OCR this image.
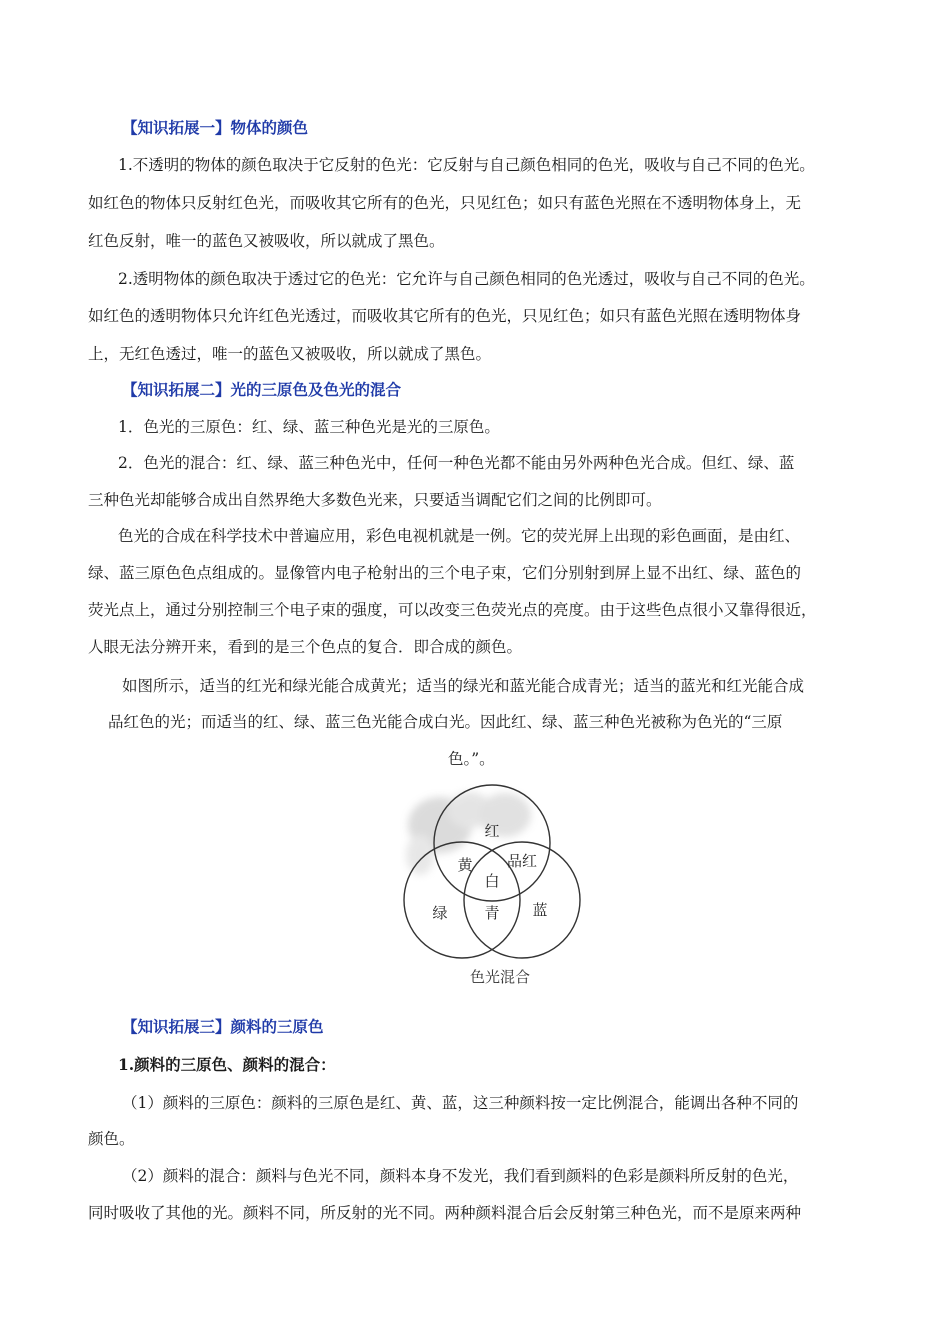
【知识拓展一】物体的颜色
1.不透明的物体的颜色取决于它反射的色光：它反射与自己颜色相同的色光，吸收与自己不同的色光。
如红色的物体只反射红色光，而吸收其它所有的色光，只见红色；如只有蓝色光照在不透明物体身上，无
红色反射，唯一的蓝色又被吸收，所以就成了黑色。
2.透明物体的颜色取决于透过它的色光：它允许与自己颜色相同的色光透过，吸收与自己不同的色光。
如红色的透明物体只允许红色光透过，而吸收其它所有的色光，只见红色；如只有蓝色光照在透明物体身
上，无红色透过，唯一的蓝色又被吸收，所以就成了黑色。
【知识拓展二】光的三原色及色光的混合
1．色光的三原色：红、绿、蓝三种色光是光的三原色。
2．色光的混合：红、绿、蓝三种色光中，任何一种色光都不能由另外两种色光合成。但红、绿、蓝
三种色光却能够合成出自然界绝大多数色光来，只要适当调配它们之间的比例即可。
色光的合成在科学技术中普遍应用，彩色电视机就是一例。它的荧光屏上出现的彩色画面，是由红、
绿、蓝三原色色点组成的。显像管内电子枪射出的三个电子束，它们分别射到屏上显不出红、绿、蓝色的
荧光点上，通过分别控制三个电子束的强度，可以改变三色荧光点的亮度。由于这些色点很小又靠得很近，
人眼无法分辨开来，看到的是三个色点的复合．即合成的颜色。
如图所示，适当的红光和绿光能合成黄光；适当的绿光和蓝光能合成青光；适当的蓝光和红光能合成
品红色的光；而适当的红、绿、蓝三色光能合成白光。因此红、绿、蓝三种色光被称为色光的“三原
色。”。
红
黄 品红
白
绿 青 蓝
色光混合
【知识拓展三】颜料的三原色
1.颜料的三原色、颜料的混合：
（1）颜料的三原色：颜料的三原色是红、黄、蓝，这三种颜料按一定比例混合，能调出各种不同的
颜色。
（2）颜料的混合：颜料与色光不同，颜料本身不发光，我们看到颜料的色彩是颜料所反射的色光，
同时吸收了其他的光。颜料不同，所反射的光不同。两种颜料混合后会反射第三种色光，而不是原来两种
